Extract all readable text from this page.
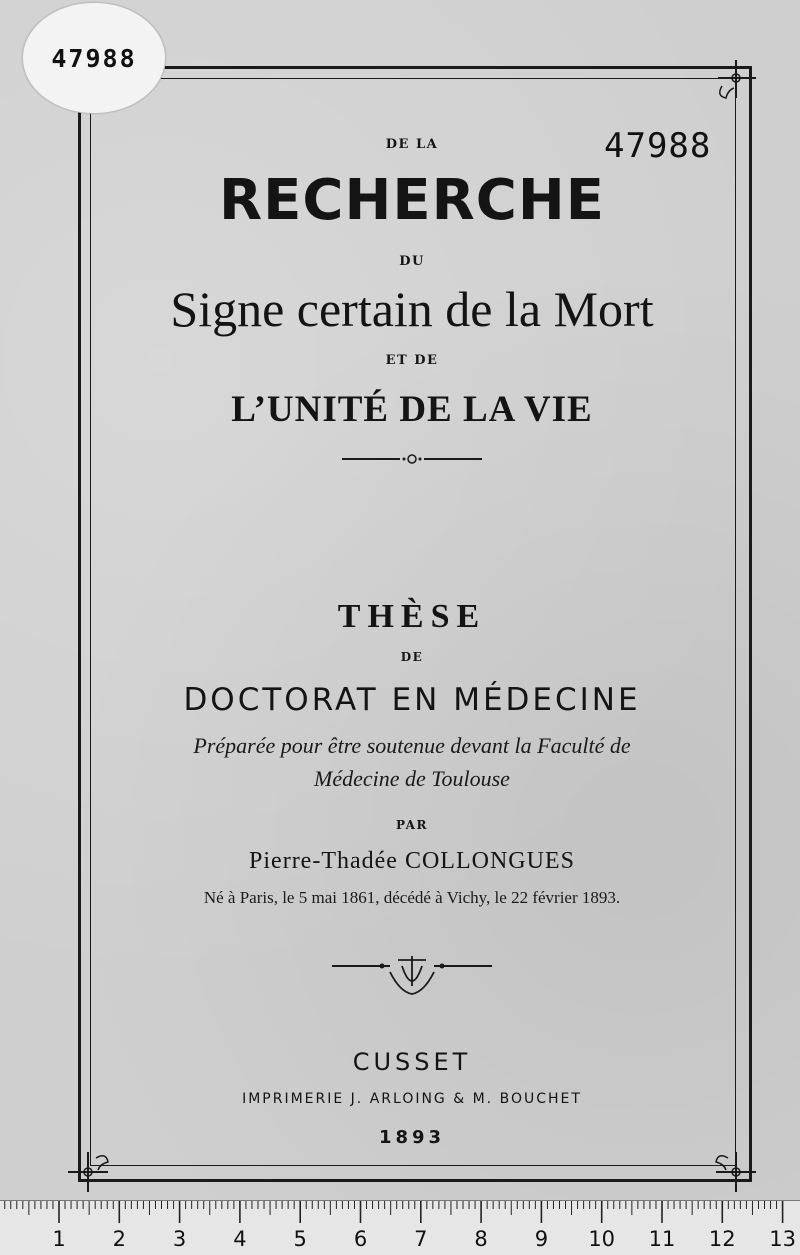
47988
47988
DE LA
RECHERCHE
DU
Signe certain de la Mort
ET DE
L’UNITÉ DE LA VIE
THÈSE
DE
DOCTORAT EN MÉDECINE
Préparée pour être soutenue devant la Faculté de
Médecine de Toulouse
PAR
Pierre-Thadée COLLONGUES
Né à Paris, le 5 mai 1861, décédé à Vichy, le 22 février 1893.
CUSSET
IMPRIMERIE J. ARLOING & M. BOUCHET
1893
1 2 3 4 5 6 7 8 9 10 11 12 13
